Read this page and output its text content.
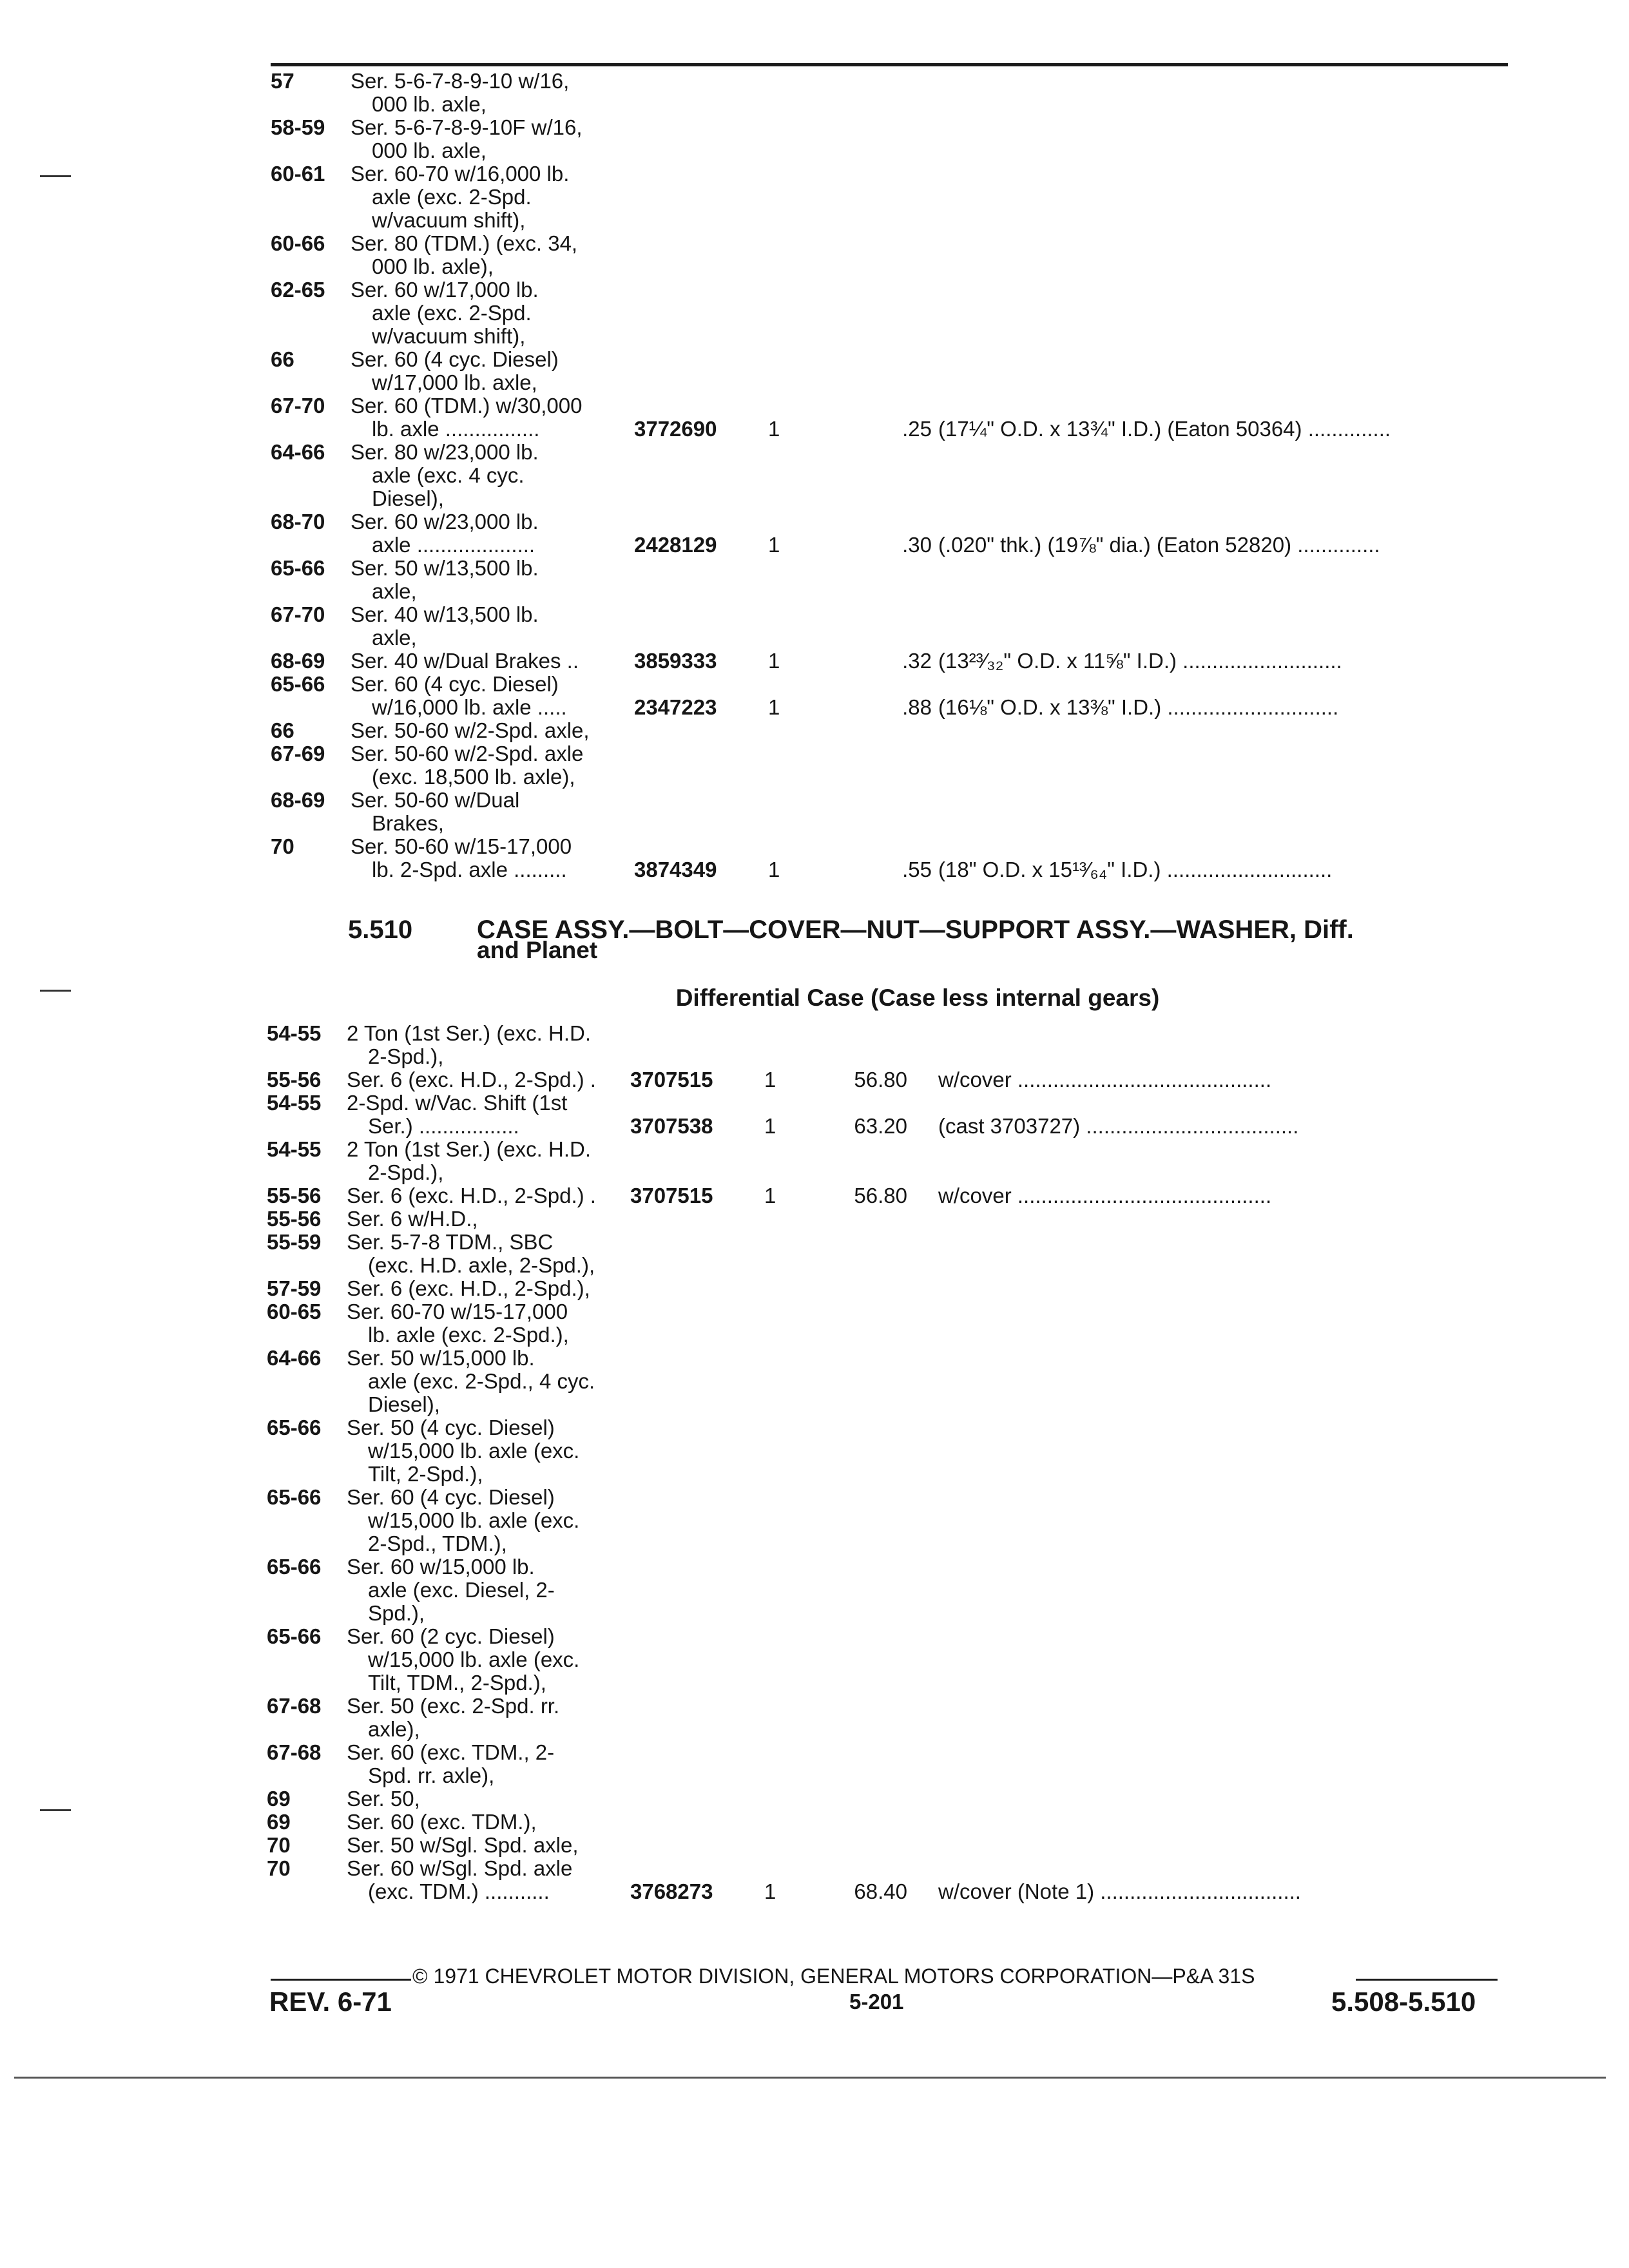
57	Ser. 5-6-7-8-9-10 w/16,
000 lb. axle,
58-59	Ser. 5-6-7-8-9-10F w/16,
000 lb. axle,
60-61	Ser. 60-70 w/16,000 lb.
axle (exc. 2-Spd.
w/vacuum shift),
60-66	Ser. 80 (TDM.) (exc. 34,
000 lb. axle),
62-65	Ser. 60 w/17,000 lb.
axle (exc. 2-Spd.
w/vacuum shift),
66	Ser. 60 (4 cyc. Diesel)
w/17,000 lb. axle,
67-70	Ser. 60 (TDM.) w/30,000
lb. axle ................	3772690	1	.25 (17¼" O.D. x 13¾" I.D.) (Eaton 50364) ..............
64-66	Ser. 80 w/23,000 lb.
axle (exc. 4 cyc.
Diesel),
68-70	Ser. 60 w/23,000 lb.
axle ....................	2428129	1	.30 (.020" thk.) (19⅞" dia.) (Eaton 52820) ..............
65-66	Ser. 50 w/13,500 lb.
axle,
67-70	Ser. 40 w/13,500 lb.
axle,
68-69	Ser. 40 w/Dual Brakes ..	3859333	1	.32 (13²³⁄₃₂" O.D. x 11⅝" I.D.) ...........................
65-66	Ser. 60 (4 cyc. Diesel)
w/16,000 lb. axle .....	2347223	1	.88 (16⅛" O.D. x 13⅜" I.D.) .............................
66	Ser. 50-60 w/2-Spd. axle,
67-69	Ser. 50-60 w/2-Spd. axle
(exc. 18,500 lb. axle),
68-69	Ser. 50-60 w/Dual
Brakes,
70	Ser. 50-60 w/15-17,000
lb. 2-Spd. axle .........	3874349	1	.55 (18" O.D. x 15¹³⁄₆₄" I.D.) ............................
5.510 CASE ASSY.—BOLT—COVER—NUT—SUPPORT ASSY.—WASHER, Diff.
and Planet
Differential Case (Case less internal gears)
54-55	2 Ton (1st Ser.) (exc. H.D.
2-Spd.),
55-56	Ser. 6 (exc. H.D., 2-Spd.) .	3707515	1	56.80 w/cover ...........................................
54-55	2-Spd. w/Vac. Shift (1st
Ser.) .................	3707538	1	63.20 (cast 3703727) ....................................
54-55	2 Ton (1st Ser.) (exc. H.D.
2-Spd.),
55-56	Ser. 6 (exc. H.D., 2-Spd.) .	3707515	1	56.80 w/cover ...........................................
55-56	Ser. 6 w/H.D.,
55-59	Ser. 5-7-8 TDM., SBC
(exc. H.D. axle, 2-Spd.),
57-59	Ser. 6 (exc. H.D., 2-Spd.),
60-65	Ser. 60-70 w/15-17,000
lb. axle (exc. 2-Spd.),
64-66	Ser. 50 w/15,000 lb.
axle (exc. 2-Spd., 4 cyc.
Diesel),
65-66	Ser. 50 (4 cyc. Diesel)
w/15,000 lb. axle (exc.
Tilt, 2-Spd.),
65-66	Ser. 60 (4 cyc. Diesel)
w/15,000 lb. axle (exc.
2-Spd., TDM.),
65-66	Ser. 60 w/15,000 lb.
axle (exc. Diesel, 2-
Spd.),
65-66	Ser. 60 (2 cyc. Diesel)
w/15,000 lb. axle (exc.
Tilt, TDM., 2-Spd.),
67-68	Ser. 50 (exc. 2-Spd. rr.
axle),
67-68	Ser. 60 (exc. TDM., 2-
Spd. rr. axle),
69	Ser. 50,
69	Ser. 60 (exc. TDM.),
70	Ser. 50 w/Sgl. Spd. axle,
70	Ser. 60 w/Sgl. Spd. axle
(exc. TDM.) ...........	3768273	1	68.40 w/cover (Note 1) ..................................
© 1971 CHEVROLET MOTOR DIVISION, GENERAL MOTORS CORPORATION—P&A 31S
REV. 6-71	5-201	5.508-5.510
